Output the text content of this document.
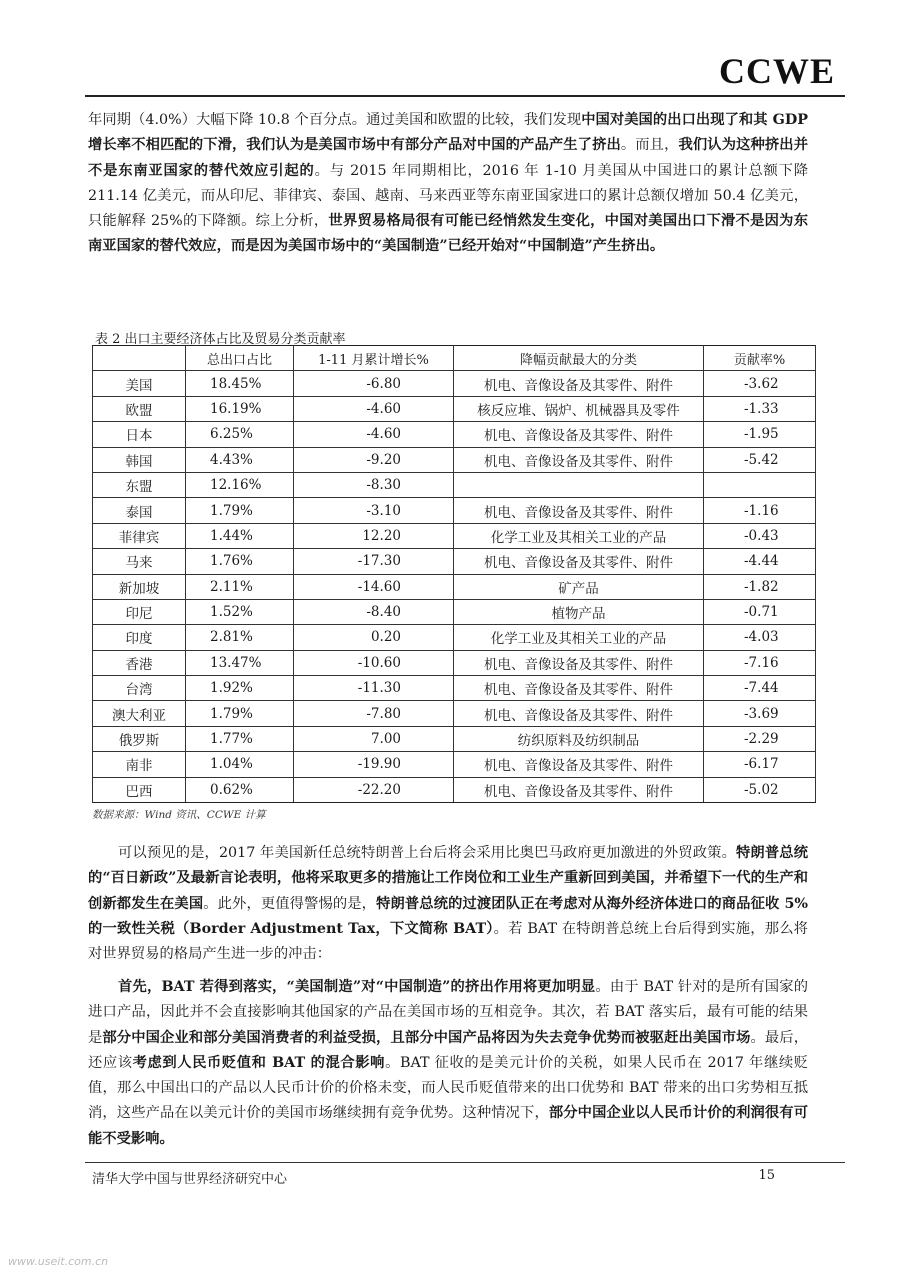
CCWE
年同期（4.0%）大幅下降 10.8 个百分点。通过美国和欧盟的比较，我们发现中国对美国的出口出现了和其 GDP 增长率不相匹配的下滑，我们认为是美国市场中有部分产品对中国的产品产生了挤出。而且，我们认为这种挤出并不是东南亚国家的替代效应引起的。与 2015 年同期相比，2016 年 1-10 月美国从中国进口的累计总额下降 211.14 亿美元，而从印尼、菲律宾、泰国、越南、马来西亚等东南亚国家进口的累计总额仅增加 50.4 亿美元，只能解释 25%的下降额。综上分析，世界贸易格局很有可能已经悄然发生变化，中国对美国出口下滑不是因为东南亚国家的替代效应，而是因为美国市场中的“美国制造”已经开始对“中国制造”产生挤出。
表 2 出口主要经济体占比及贸易分类贡献率
	总出口占比	1-11 月累计增长%	降幅贡献最大的分类	贡献率%
美国	18.45%	-6.80	机电、音像设备及其零件、附件	-3.62
欧盟	16.19%	-4.60	核反应堆、锅炉、机械器具及零件	-1.33
日本	6.25%	-4.60	机电、音像设备及其零件、附件	-1.95
韩国	4.43%	-9.20	机电、音像设备及其零件、附件	-5.42
东盟	12.16%	-8.30		
泰国	1.79%	-3.10	机电、音像设备及其零件、附件	-1.16
菲律宾	1.44%	12.20	化学工业及其相关工业的产品	-0.43
马来	1.76%	-17.30	机电、音像设备及其零件、附件	-4.44
新加坡	2.11%	-14.60	矿产品	-1.82
印尼	1.52%	-8.40	植物产品	-0.71
印度	2.81%	0.20	化学工业及其相关工业的产品	-4.03
香港	13.47%	-10.60	机电、音像设备及其零件、附件	-7.16
台湾	1.92%	-11.30	机电、音像设备及其零件、附件	-7.44
澳大利亚	1.79%	-7.80	机电、音像设备及其零件、附件	-3.69
俄罗斯	1.77%	7.00	纺织原料及纺织制品	-2.29
南非	1.04%	-19.90	机电、音像设备及其零件、附件	-6.17
巴西	0.62%	-22.20	机电、音像设备及其零件、附件	-5.02
数据来源：Wind 资讯、CCWE 计算
可以预见的是，2017 年美国新任总统特朗普上台后将会采用比奥巴马政府更加激进的外贸政策。特朗普总统的“百日新政”及最新言论表明，他将采取更多的措施让工作岗位和工业生产重新回到美国，并希望下一代的生产和创新都发生在美国。此外，更值得警惕的是，特朗普总统的过渡团队正在考虑对从海外经济体进口的商品征收 5%的一致性关税（Border Adjustment Tax，下文简称 BAT）。若 BAT 在特朗普总统上台后得到实施，那么将对世界贸易的格局产生进一步的冲击：
首先，BAT 若得到落实，“美国制造”对“中国制造”的挤出作用将更加明显。由于 BAT 针对的是所有国家的进口产品，因此并不会直接影响其他国家的产品在美国市场的互相竞争。其次，若 BAT 落实后，最有可能的结果是部分中国企业和部分美国消费者的利益受损，且部分中国产品将因为失去竞争优势而被驱赶出美国市场。最后，还应该考虑到人民币贬值和 BAT 的混合影响。BAT 征收的是美元计价的关税，如果人民币在 2017 年继续贬值，那么中国出口的产品以人民币计价的价格未变，而人民币贬值带来的出口优势和 BAT 带来的出口劣势相互抵消，这些产品在以美元计价的美国市场继续拥有竞争优势。这种情况下，部分中国企业以人民币计价的利润很有可能不受影响。
清华大学中国与世界经济研究中心	15
www.useit.com.cn
